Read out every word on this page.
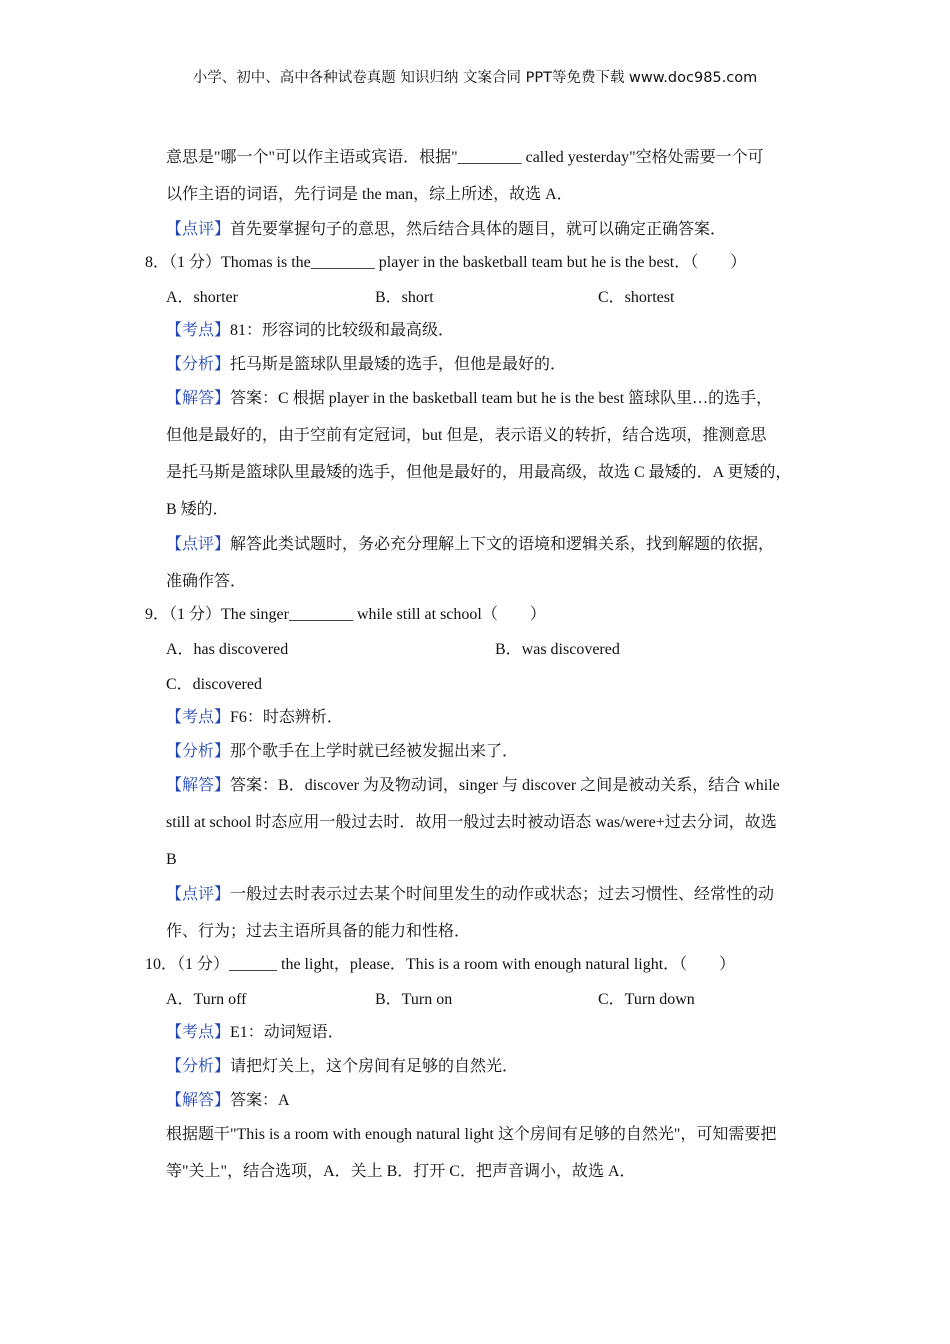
小学、初中、高中各种试卷真题 知识归纳 文案合同 PPT等免费下载 www.doc985.com
意思是"哪一个"可以作主语或宾语．根据"________ called yesterday"空格处需要一个可
以作主语的词语，先行词是 the man，综上所述，故选 A．
【点评】首先要掌握句子的意思，然后结合具体的题目，就可以确定正确答案．
8．（1 分）Thomas is the________ player in the basketball team but he is the best．（　　）
A．shorter	B．short	C．shortest
【考点】81：形容词的比较级和最高级．
【分析】托马斯是篮球队里最矮的选手，但他是最好的．
【解答】答案：C 根据 player in the basketball team but he is the best 篮球队里…的选手，
但他是最好的，由于空前有定冠词，but 但是，表示语义的转折，结合选项，推测意思
是托马斯是篮球队里最矮的选手，但他是最好的，用最高级，故选 C 最矮的．A 更矮的，
B 矮的．
【点评】解答此类试题时，务必充分理解上下文的语境和逻辑关系，找到解题的依据，
准确作答．
9．（1 分）The singer________ while still at school（　　）
A．has discovered	B．was discovered
C．discovered
【考点】F6：时态辨析．
【分析】那个歌手在上学时就已经被发掘出来了．
【解答】答案：B．discover 为及物动词，singer 与 discover 之间是被动关系，结合 while
still at school 时态应用一般过去时．故用一般过去时被动语态 was/were+过去分词，故选
B
【点评】一般过去时表示过去某个时间里发生的动作或状态；过去习惯性、经常性的动
作、行为；过去主语所具备的能力和性格．
10．（1 分）______ the light，please．This is a room with enough natural light．（　　）
A．Turn off	B．Turn on	C．Turn down
【考点】E1：动词短语．
【分析】请把灯关上，这个房间有足够的自然光．
【解答】答案：A
根据题干"This is a room with enough natural light 这个房间有足够的自然光"，可知需要把
等"关上"，结合选项，A．关上 B．打开 C．把声音调小，故选 A．
